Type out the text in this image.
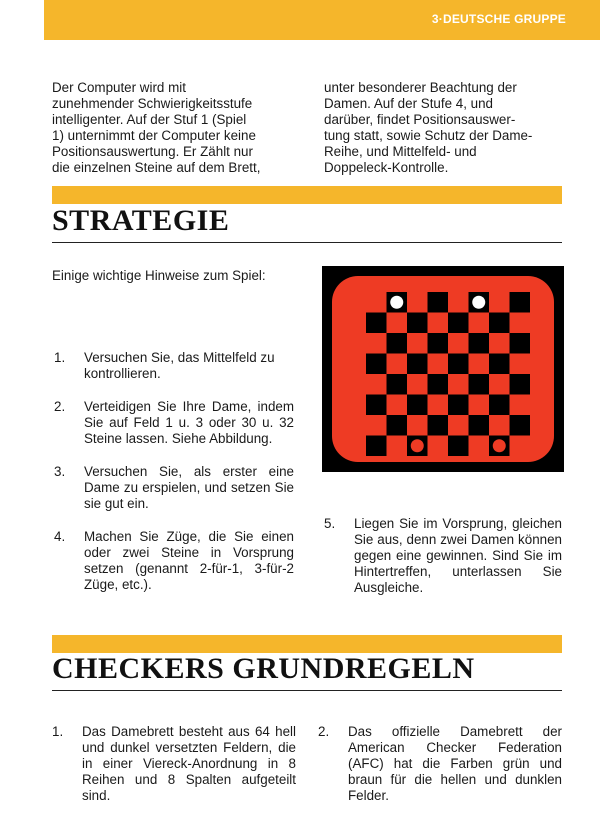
3·DEUTSCHE GRUPPE

Der Computer wird mit

zunehmender Schwierigkeitsstufe

intelligenter. Auf der Stuf 1 (Spiel

1) unternimmt der Computer keine

Positionsauswertung. Er Zählt nur

die einzelnen Steine auf dem Brett,

unter besonderer Beachtung der

Damen. Auf der Stufe 4, und

darüber, findet Positionsauswer-

tung statt, sowie Schutz der Dame-

Reihe, und Mittelfeld- und

Doppeleck-Kontrolle.

STRATEGIE

Einige wichtige Hinweise zum Spiel:

1. Versuchen Sie, das Mittelfeld zu kontrollieren.
2. Verteidigen Sie Ihre Dame, indem Sie auf Feld 1 u. 3 oder 30 u. 32 Steine lassen. Siehe Abbildung.
3. Versuchen Sie, als erster eine Dame zu erspielen, und setzen Sie sie gut ein.
4. Machen Sie Züge, die Sie einen oder zwei Steine in Vorsprung setzen (genannt 2-für-1, 3-für-2 Züge, etc.).
5. Liegen Sie im Vorsprung, gleichen Sie aus, denn zwei Damen können gegen eine gewinnen. Sind Sie im Hintertreffen, unterlassen Sie Ausgleiche.
CHECKERS GRUNDREGELN
1. Das Damebrett besteht aus 64 hell und dunkel versetzten Feldern, die in einer Viereck-Anordnung in 8 Reihen und 8 Spalten aufgeteilt sind.
2. Das offizielle Damebrett der American Checker Federation (AFC) hat die Farben grün und braun für die hellen und dunklen Felder.
